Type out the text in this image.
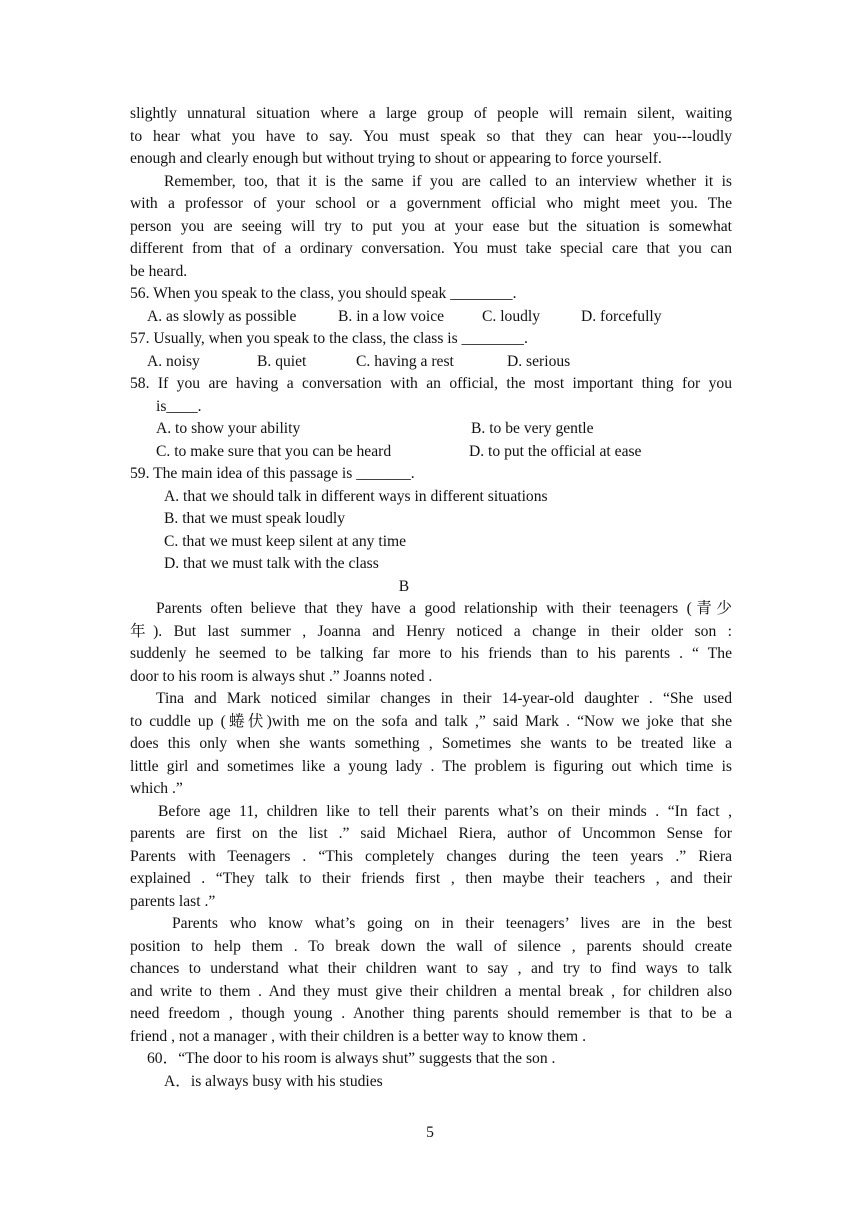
slightly unnatural situation where a large group of people will remain silent, waiting
to hear what you have to say. You must speak so that they can hear you---loudly
enough and clearly enough but without trying to shout or appearing to force yourself.
Remember, too, that it is the same if you are called to an interview whether it is
with a professor of your school or a government official who might meet you. The
person you are seeing will try to put you at your ease but the situation is somewhat
different from that of a ordinary conversation. You must take special care that you can
be heard.
56. When you speak to the class, you should speak ________.
A. as slowly as possible	B. in a low voice C. loudly	D. forcefully
57. Usually, when you speak to the class, the class is ________.
A. noisy	B. quiet	C. having a rest	D. serious
58. If you are having a conversation with an official, the most important thing for you
is____.
A. to show your ability	B. to be very gentle
C. to make sure that you can be heard	D. to put the official at ease
59. The main idea of this passage is _______.
A. that we should talk in different ways in different situations
B. that we must speak loudly
C. that we must keep silent at any time
D. that we must talk with the class
B
Parents often believe that they have a good relationship with their teenagers (青少
年). But last summer , Joanna and Henry noticed a change in their older son :
suddenly he seemed to be talking far more to his friends than to his parents . “ The
door to his room is always shut .” Joanns noted .
Tina and Mark noticed similar changes in their 14-year-old daughter . “She used
to cuddle up (蜷伏)with me on the sofa and talk ,” said Mark . “Now we joke that she
does this only when she wants something , Sometimes she wants to be treated like a
little girl and sometimes like a young lady . The problem is figuring out which time is
which .”
Before age 11, children like to tell their parents what’s on their minds . “In fact ,
parents are first on the list .” said Michael Riera, author of Uncommon Sense for
Parents with Teenagers . “This completely changes during the teen years .” Riera
explained . “They talk to their friends first , then maybe their teachers , and their
parents last .”
Parents who know what’s going on in their teenagers’ lives are in the best
position to help them . To break down the wall of silence , parents should create
chances to understand what their children want to say , and try to find ways to talk
and write to them . And they must give their children a mental break , for children also
need freedom , though young . Another thing parents should remember is that to be a
friend , not a manager , with their children is a better way to know them .
60．“The door to his room is always shut” suggests that the son .
A．is always busy with his studies
5
